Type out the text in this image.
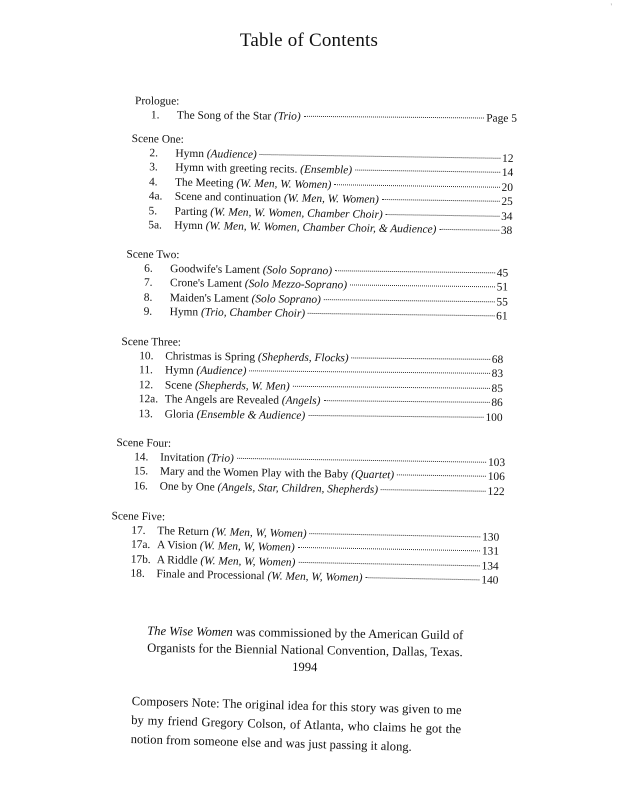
'
Table of Contents
Prologue:
1.	The Song of the Star (Trio)	Page 5
Scene One:
2.	Hymn (Audience)	12
3.	Hymn with greeting recits. (Ensemble)	14
4.	The Meeting (W. Men, W. Women)	20
4a.	Scene and continuation (W. Men, W. Women)	25
5.	Parting (W. Men, W. Women, Chamber Choir)	34
5a.	Hymn (W. Men, W. Women, Chamber Choir, & Audience)	38
Scene Two:
6.	Goodwife's Lament (Solo Soprano)	45
7.	Crone's Lament (Solo Mezzo-Soprano)	51
8.	Maiden's Lament (Solo Soprano)	55
9.	Hymn (Trio, Chamber Choir)	61
Scene Three:
10.	Christmas is Spring (Shepherds, Flocks)	68
11.	Hymn (Audience)	83
12.	Scene (Shepherds, W. Men)	85
12a. The Angels are Revealed (Angels)	86
13.	Gloria (Ensemble & Audience)	100
Scene Four:
14.	Invitation (Trio)	103
15.	Mary and the Women Play with the Baby (Quartet)	106
16.	One by One (Angels, Star, Children, Shepherds)	122
Scene Five:
17.	The Return (W. Men, W, Women)	130
17a. A Vision (W. Men, W, Women)	131
17b. A Riddle (W. Men, W, Women)	134
18.	Finale and Processional (W. Men, W, Women)	140
The Wise Women was commissioned by the American Guild of Organists for the Biennial National Convention, Dallas, Texas.
1994
Composers Note: The original idea for this story was given to me by my friend Gregory Colson, of Atlanta, who claims he got the notion from someone else and was just passing it along.
